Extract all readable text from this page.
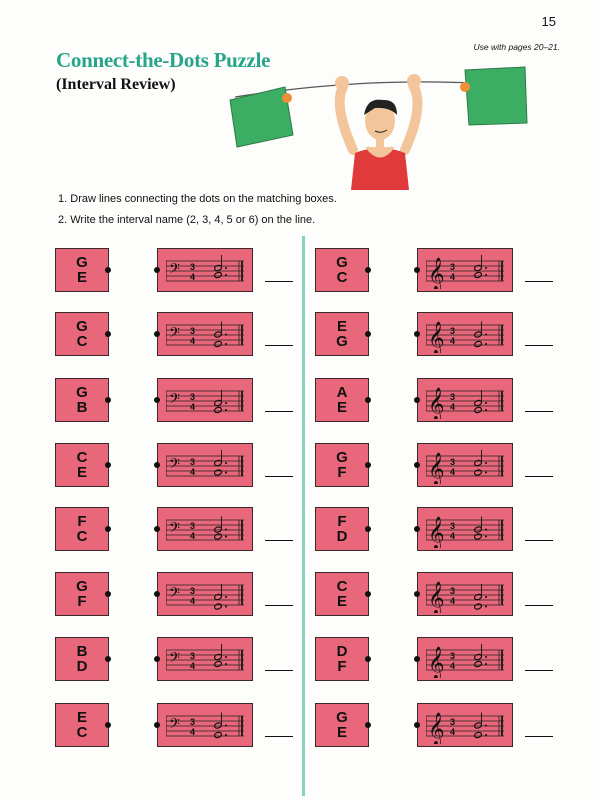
15
Use with pages 20–21.
Connect-the-Dots Puzzle
(Interval Review)
1. Draw lines connecting the dots on the matching boxes.
2. Write the interval name (2, 3, 4, 5 or 6) on the line.
G
E	𝄢 3
4
G
C	𝄢 3
4
G
B	𝄢 3
4
C
E	𝄢 3
4
F
C	𝄢 3
4
G
F	𝄢 3
4
B
D	𝄢 3
4
E
C	𝄢 3
4
G
C	𝄞 3
4
E
G	𝄞 3
4
A
E	𝄞 3
4
G
F	𝄞 3
4
F
D	𝄞 3
4
C
E	𝄞 3
4
D
F	𝄞 3
4
G
E	𝄞 3
4
